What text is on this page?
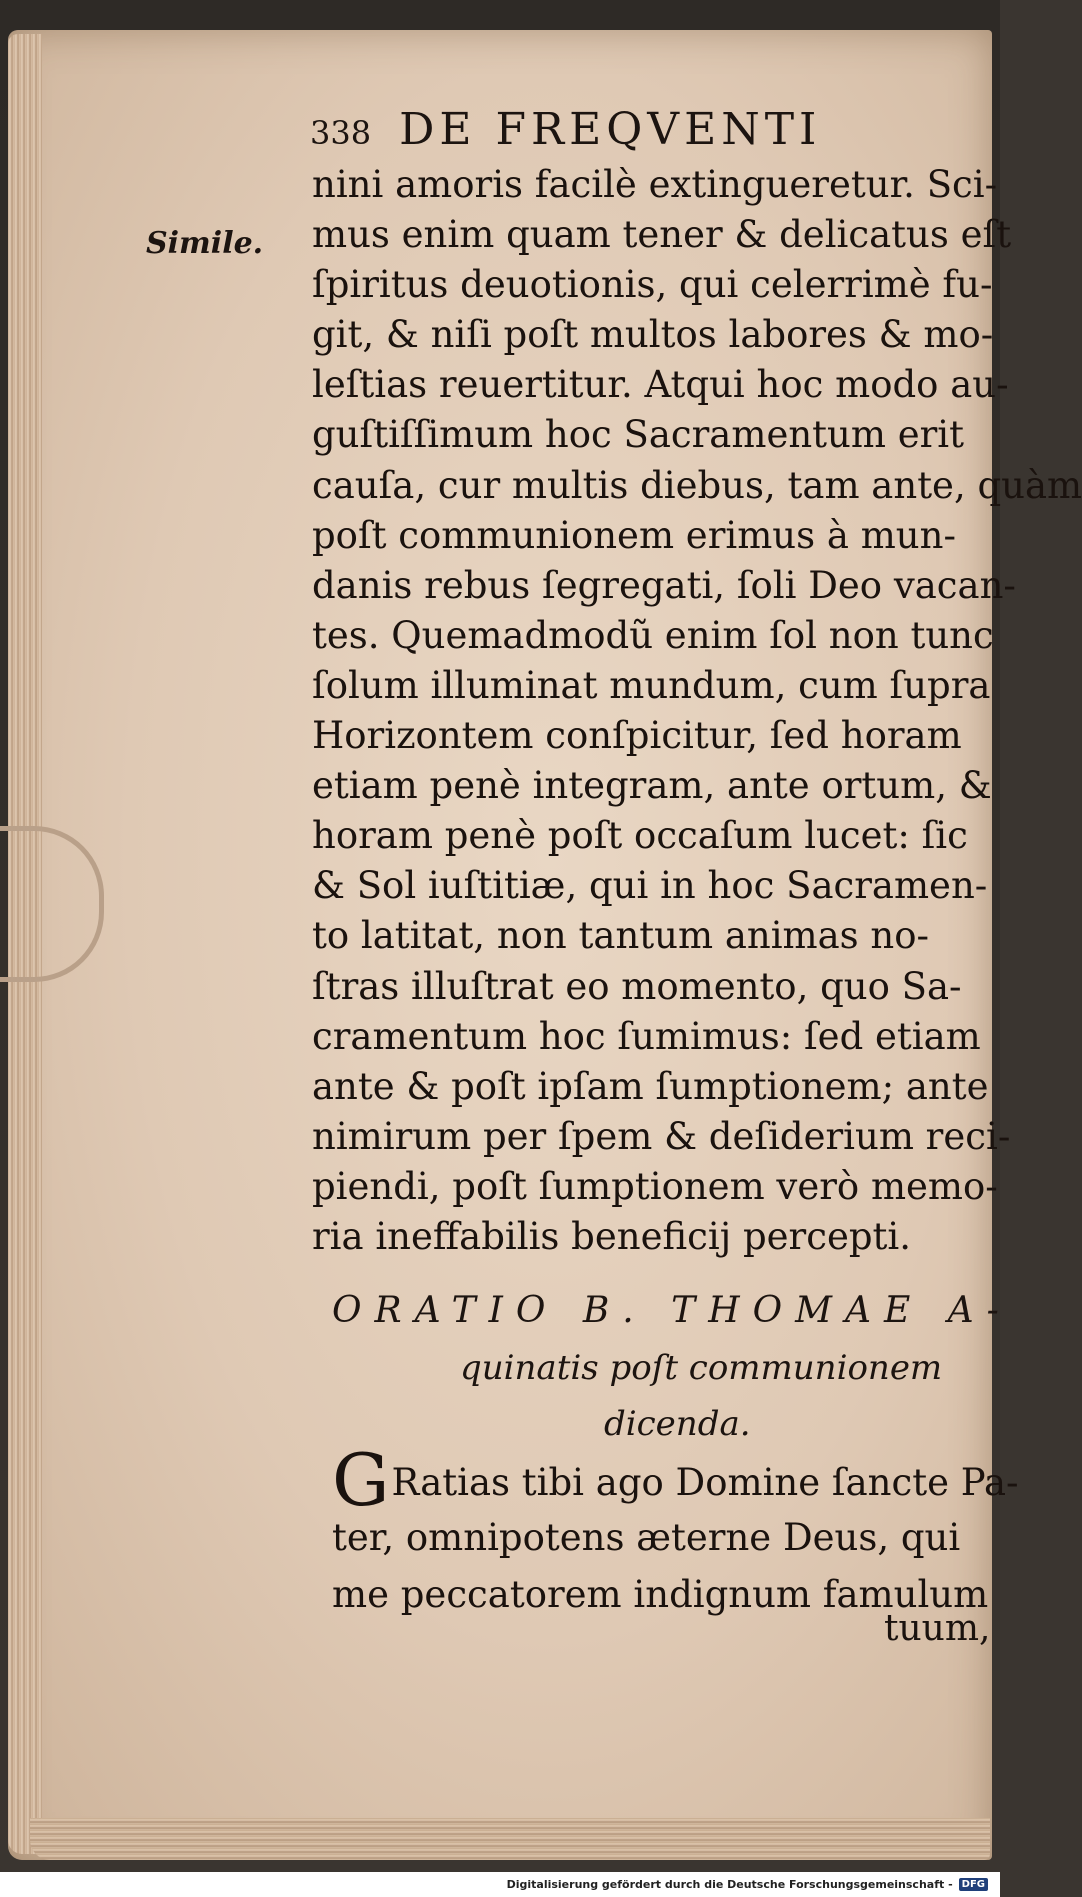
338 DE FREQVENTI
Simile.
nini amoris facilè extingueretur. Sci-
mus enim quam tener & delicatus eſt
ſpiritus deuotionis, qui celerrimè fu-
git, & niſi poſt multos labores & mo-
leſtias reuertitur. Atqui hoc modo au-
guſtiſſimum hoc Sacramentum erit
cauſa, cur multis diebus, tam ante, quàm
poſt communionem erimus à mun-
danis rebus ſegregati, ſoli Deo vacan-
tes. Quemadmodũ enim ſol non tunc
ſolum illuminat mundum, cum ſupra
Horizontem conſpicitur, ſed horam
etiam penè integram, ante ortum, &
horam penè poſt occaſum lucet: ſic
& Sol iuſtitiæ, qui in hoc Sacramen-
to latitat, non tantum animas no-
ſtras illuſtrat eo momento, quo Sa-
cramentum hoc ſumimus: ſed etiam
ante & poſt ipſam ſumptionem; ante
nimirum per ſpem & deſiderium reci-
piendi, poſt ſumptionem verò memo-
ria ineffabilis beneficij percepti.
ORATIO B. THOMAE A-
quinatis poſt communionem
dicenda.
GRatias tibi ago Domine ſancte Pa-
ter, omnipotens æterne Deus, qui
me peccatorem indignum famulum
tuum,
Digitalisierung gefördert durch die Deutsche Forschungsgemeinschaft - DFG
